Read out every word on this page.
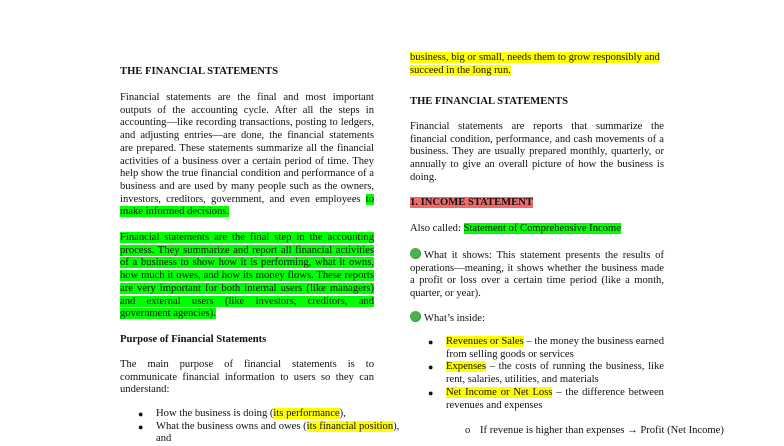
THE FINANCIAL STATEMENTS

Financial statements are the final and most important outputs of the accounting cycle. After all the steps in accounting—like recording transactions, posting to ledgers, and adjusting entries—are done, the financial statements are prepared. These statements summarize all the financial activities of a business over a certain period of time. They help show the true financial condition and performance of a business and are used by many people such as the owners, investors, creditors, government, and even employees to make informed decisions.

Financial statements are the final step in the accounting process. They summarize and report all financial activities of a business to show how it is performing, what it owns, how much it owes, and how its money flows. These reports are very important for both internal users (like managers) and external users (like investors, creditors, and government agencies).

Purpose of Financial Statements

The main purpose of financial statements is to communicate financial information to users so they can understand:

● How the business is doing (its performance),
● What the business owns and owes (its financial position), and

business, big or small, needs them to grow responsibly and succeed in the long run.

THE FINANCIAL STATEMENTS

Financial statements are reports that summarize the financial condition, performance, and cash movements of a business. They are usually prepared monthly, quarterly, or annually to give an overall picture of how the business is doing.

1. INCOME STATEMENT
Also called: Statement of Comprehensive Income

What it shows: This statement presents the results of operations—meaning, it shows whether the business made a profit or loss over a certain time period (like a month, quarter, or year).

What’s inside:
● Revenues or Sales – the money the business earned from selling goods or services
● Expenses – the costs of running the business, like rent, salaries, utilities, and materials
● Net Income or Net Loss – the difference between revenues and expenses
o If revenue is higher than expenses → Profit (Net Income)
